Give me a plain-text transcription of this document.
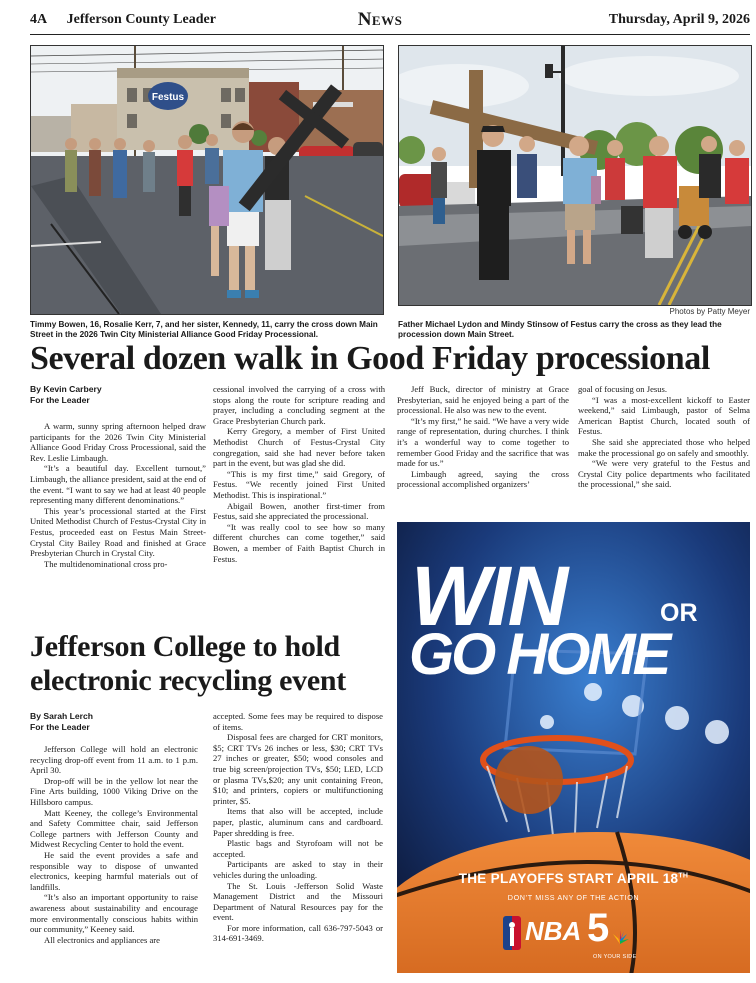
4A Jefferson County Leader	News	Thursday, April 9, 2026
Festus
Photos by Patty Meyer
Timmy Bowen, 16, Rosalie Kerr, 7, and her sister, Kennedy, 11, carry the cross down Main Street in the 2026 Twin City Ministerial Alliance Good Friday Processional.
Father Michael Lydon and Mindy Stinsow of Festus carry the cross as they lead the procession down Main Street.
Several dozen walk in Good Friday processional
By Kevin Carbery
For the Leader

A warm, sunny spring afternoon helped draw participants for the 2026 Twin City Ministerial Alliance Good Friday Cross Processional, said the Rev. Leslie Limbaugh.

“It’s a beautiful day. Excellent turnout,” Limbaugh, the alliance president, said at the end of the event. “I want to say we had at least 40 people representing many different denominations.”

This year’s processional started at the First United Methodist Church of Festus-Crystal City in Festus, proceeded east on Festus Main Street-Crystal City Bailey Road and finished at Grace Presbyterian Church in Crystal City.

The multidenominational cross pro-

cessional involved the carrying of a cross with stops along the route for scripture reading and prayer, including a concluding segment at the Grace Presbyterian Church park.

Kerry Gregory, a member of First United Methodist Church of Festus-Crystal City congregation, said she had never before taken part in the event, but was glad she did.

“This is my first time,” said Gregory, of Festus. “We recently joined First United Methodist. This is inspirational.”

Abigail Bowen, another first-timer from Festus, said she appreciated the processional.

“It was really cool to see how so many different churches can come together,” said Bowen, a member of Faith Baptist Church in Festus.

Jeff Buck, director of ministry at Grace Presbyterian, said he enjoyed being a part of the processional. He also was new to the event.

“It’s my first,” he said. “We have a very wide range of representation, during churches. I think it’s a wonderful way to come together to remember Good Friday and the sacrifice that was made for us.”

Limbaugh agreed, saying the cross processional accomplished organizers’

goal of focusing on Jesus.

“I was a most-excellent kickoff to Easter weekend,” said Limbaugh, pastor of Selma American Baptist Church, located south of Festus.

She said she appreciated those who helped make the processional go on safely and smoothly.

“We were very grateful to the Festus and Crystal City police departments who facilitated the processional,” she said.

Jefferson College to hold electronic recycling event
By Sarah Lerch
For the Leader

Jefferson College will hold an electronic recycling drop-off event from 11 a.m. to 1 p.m. April 30.

Drop-off will be in the yellow lot near the Fine Arts building, 1000 Viking Drive on the Hillsboro campus.

Matt Keeney, the college’s Environmental and Safety Committee chair, said Jefferson College partners with Jefferson County and Midwest Recycling Center to hold the event.

He said the event provides a safe and responsible way to dispose of unwanted electronics, keeping harmful materials out of landfills.

“It’s also an important opportunity to raise awareness about sustainability and encourage more environmentally conscious habits within our community,” Keeney said.

All electronics and appliances are

accepted. Some fees may be required to dispose of items.

Disposal fees are charged for CRT monitors, $5; CRT TVs 26 inches or less, $30; CRT TVs 27 inches or greater, $50; wood consoles and true big screen/projection TVs, $50; LED, LCD or plasma TVs,$20; any unit containing Freon, $10; and printers, copiers or multifunctioning printer, $5.

Items that also will be accepted, include paper, plastic, aluminum cans and cardboard. Paper shredding is free.

Plastic bags and Styrofoam will not be accepted.

Participants are asked to stay in their vehicles during the unloading.

The St. Louis -Jefferson Solid Waste Management District and the Missouri Department of Natural Resources pay for the event.

For more information, call 636-797-5043 or 314-691-3469.

WIN	OR
GO HOME
THE PLAYOFFS START APRIL 18TH
DON’T MISS ANY OF THE ACTION
NBA 5
ON YOUR SIDE
